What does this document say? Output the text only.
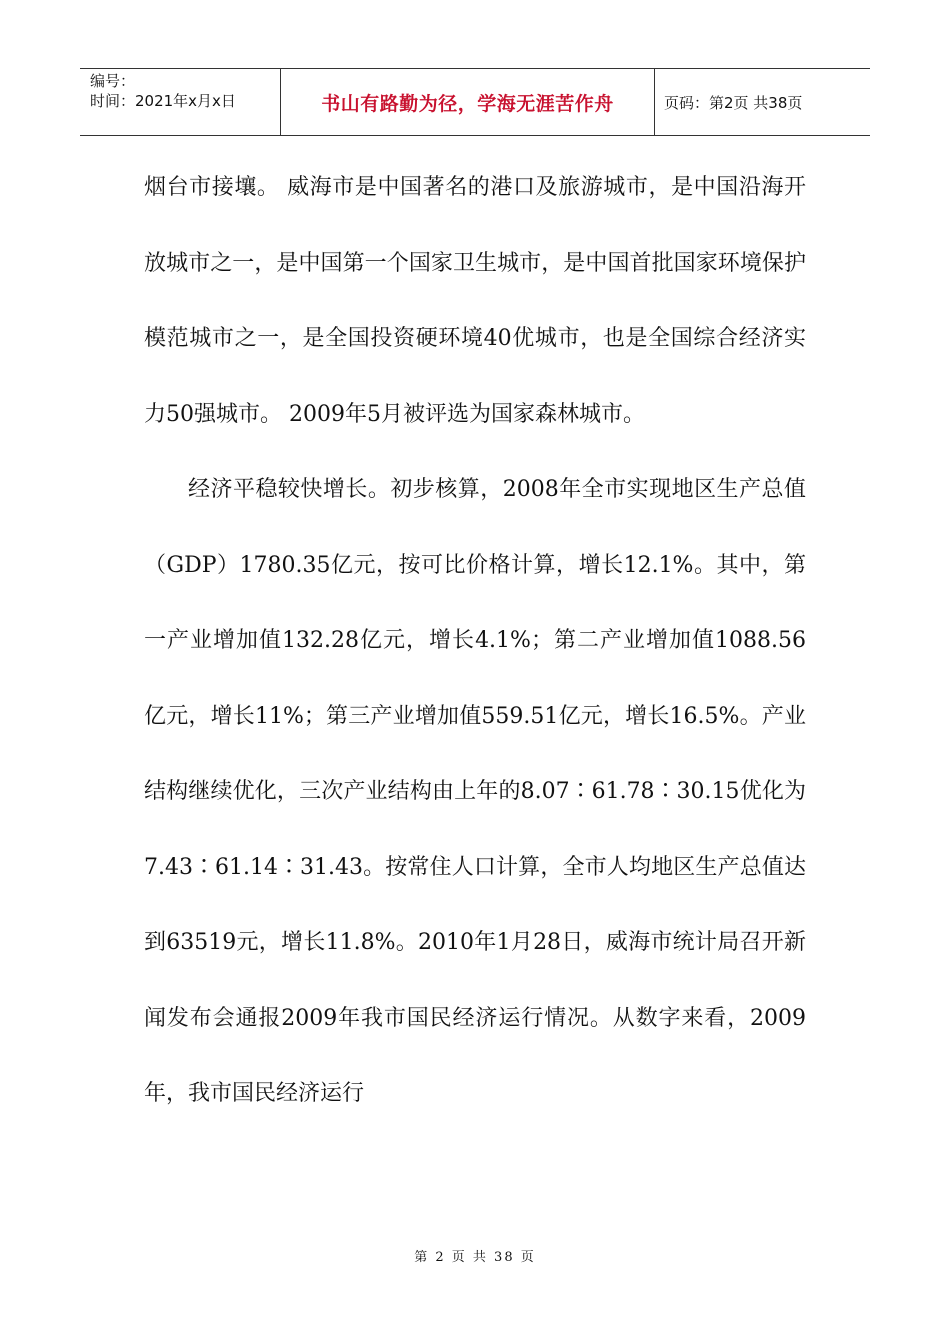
编号：
时间：2021年x月x日	书山有路勤为径，学海无涯苦作舟	页码：第2页 共38页

烟台市接壤。 威海市是中国著名的港口及旅游城市，是中国沿海开放城市之一，是中国第一个国家卫生城市，是中国首批国家环境保护模范城市之一，是全国投资硬环境40优城市，也是全国综合经济实力50强城市。 2009年5月被评选为国家森林城市。

经济平稳较快增长。初步核算，2008年全市实现地区生产总值（GDP）1780.35亿元，按可比价格计算，增长12.1%。其中，第一产业增加值132.28亿元，增长4.1%；第二产业增加值1088.56亿元，增长11%；第三产业增加值559.51亿元，增长16.5%。产业结构继续优化，三次产业结构由上年的8.07∶61.78∶30.15优化为7.43∶61.14∶31.43。按常住人口计算，全市人均地区生产总值达到63519元，增长11.8%。2010年1月28日，威海市统计局召开新闻发布会通报2009年我市国民经济运行情况。从数字来看，2009年，我市国民经济运行

第 2 页 共 38 页
